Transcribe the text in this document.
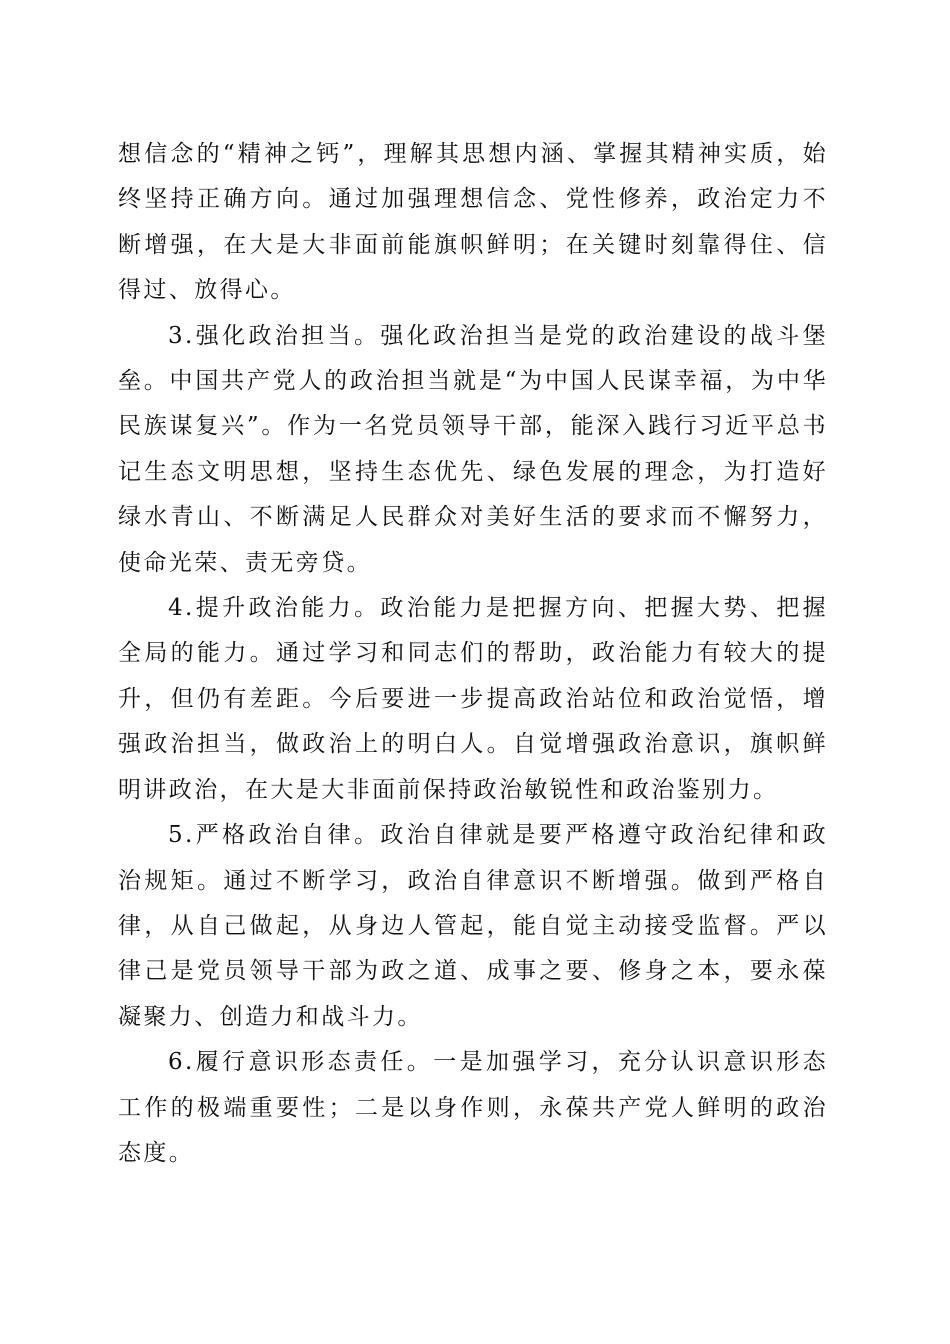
想信念的“精神之钙”，理解其思想内涵、掌握其精神实质，始终坚持正确方向。通过加强理想信念、党性修养，政治定力不断增强，在大是大非面前能旗帜鲜明；在关键时刻靠得住、信得过、放得心。

3.强化政治担当。强化政治担当是党的政治建设的战斗堡垒。中国共产党人的政治担当就是“为中国人民谋幸福，为中华民族谋复兴”。作为一名党员领导干部，能深入践行习近平总书记生态文明思想，坚持生态优先、绿色发展的理念，为打造好绿水青山、不断满足人民群众对美好生活的要求而不懈努力，使命光荣、责无旁贷。

4.提升政治能力。政治能力是把握方向、把握大势、把握全局的能力。通过学习和同志们的帮助，政治能力有较大的提升，但仍有差距。今后要进一步提高政治站位和政治觉悟，增强政治担当，做政治上的明白人。自觉增强政治意识，旗帜鲜明讲政治，在大是大非面前保持政治敏锐性和政治鉴别力。

5.严格政治自律。政治自律就是要严格遵守政治纪律和政治规矩。通过不断学习，政治自律意识不断增强。做到严格自律，从自己做起，从身边人管起，能自觉主动接受监督。严以律己是党员领导干部为政之道、成事之要、修身之本，要永葆凝聚力、创造力和战斗力。

6.履行意识形态责任。一是加强学习，充分认识意识形态工作的极端重要性；二是以身作则，永葆共产党人鲜明的政治态度。
